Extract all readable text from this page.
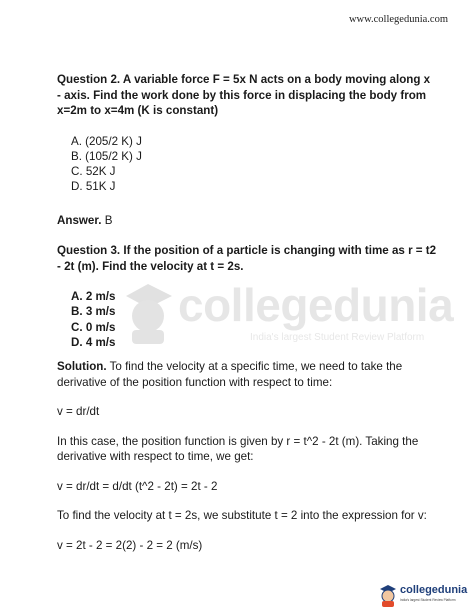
www.collegedunia.com
collegedunia
India's largest Student Review Platform

Question 2. A variable force F = 5x N acts on a body moving along x - axis. Find the work done by this force in displacing the body from x=2m to x=4m (K is constant)

A. (205/2 K) J
B. (105/2 K) J
C. 52K J
D. 51K J

Answer. B

Question 3. If the position of a particle is changing with time as r = t2 - 2t (m). Find the velocity at t = 2s.

A. 2 m/s
B. 3 m/s
C. 0 m/s
D. 4 m/s

Solution. To find the velocity at a specific time, we need to take the derivative of the position function with respect to time:

v = dr/dt

In this case, the position function is given by r = t^2 - 2t (m). Taking the derivative with respect to time, we get:

v = dr/dt = d/dt (t^2 - 2t) = 2t - 2

To find the velocity at t = 2s, we substitute t = 2 into the expression for v:

v = 2t - 2 = 2(2) - 2 = 2 (m/s)

collegedunia
India's largest Student Review Platform
